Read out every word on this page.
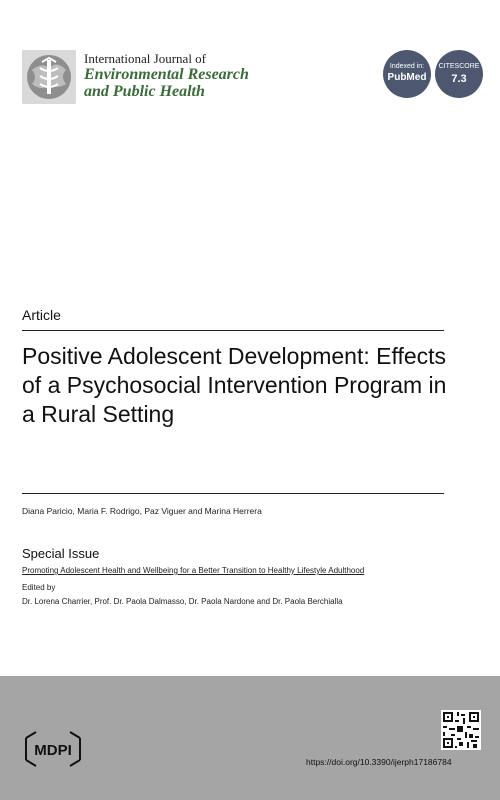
International Journal of
Environmental Research
and Public Health
Indexed in:
PubMed
CITESCORE
7.3
Article
Positive Adolescent Development: Effects of a Psychosocial Intervention Program in a Rural Setting
Diana Paricio, Maria F. Rodrigo, Paz Viguer and Marina Herrera
Special Issue
Promoting Adolescent Health and Wellbeing for a Better Transition to Healthy Lifestyle Adulthood
Edited by
Dr. Lorena Charrier, Prof. Dr. Paola Dalmasso, Dr. Paola Nardone and Dr. Paola Berchialla
MDPI
https://doi.org/10.3390/ijerph17186784
